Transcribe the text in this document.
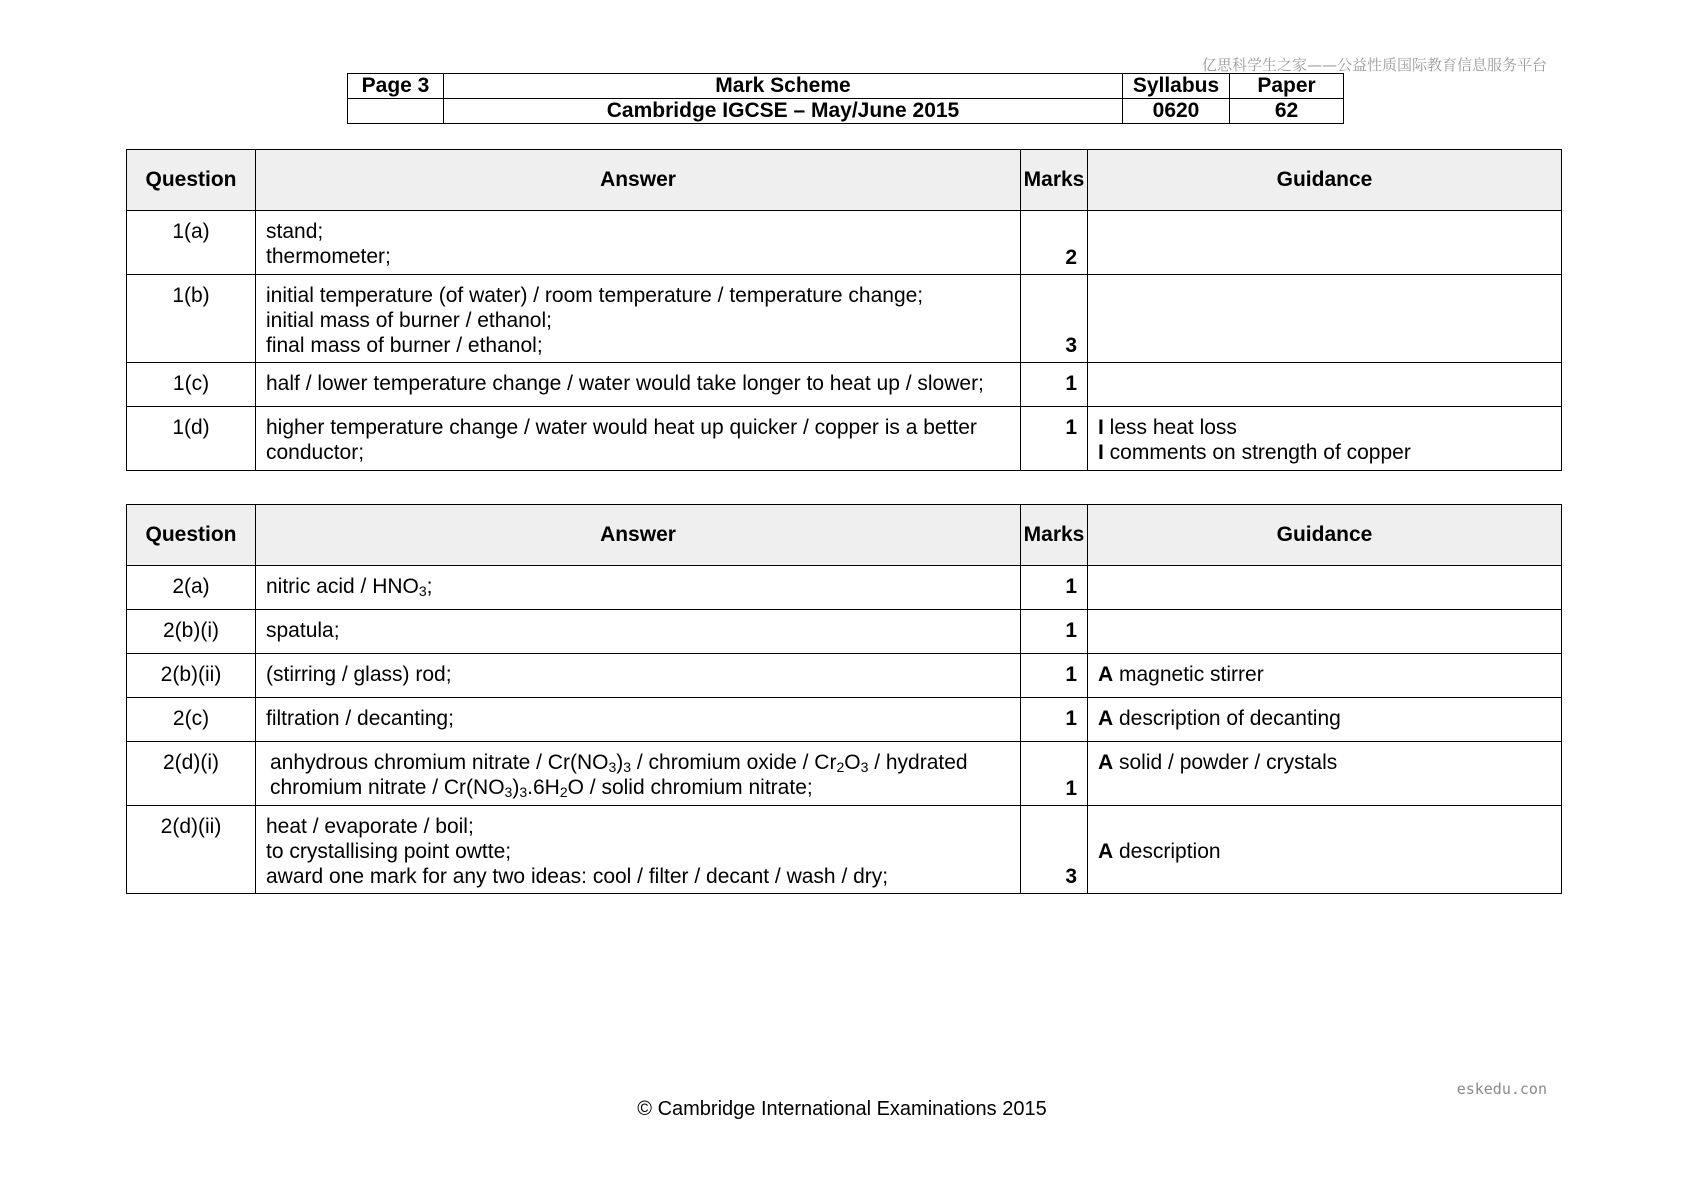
亿思科学生之家——公益性质国际教育信息服务平台
Page 3	Mark Scheme	Syllabus	Paper
	Cambridge IGCSE – May/June 2015	0620	62
Question	Answer	Marks	Guidance
1(a)	stand;
thermometer;	2	
1(b)	initial temperature (of water) / room temperature / temperature change;
initial mass of burner / ethanol;
final mass of burner / ethanol;	3	
1(c)	half / lower temperature change / water would take longer to heat up / slower;	1	
1(d)	higher temperature change / water would heat up quicker / copper is a better
conductor;	1	I less heat loss
I comments on strength of copper
Question	Answer	Marks	Guidance
2(a)	nitric acid / $HNO_3$;	1	
2(b)(i)	spatula;	1	
2(b)(ii)	(stirring / glass) rod;	1	A magnetic stirrer
2(c)	filtration / decanting;	1	A description of decanting
2(d)(i)	anhydrous chromium nitrate / $Cr(NO_3)_3$ / chromium oxide / $Cr_2O_3$ / hydrated
chromium nitrate / $Cr(NO_3)_3.6H_2O$ / solid chromium nitrate;	1	A solid / powder / crystals
2(d)(ii)	heat / evaporate / boil;
to crystallising point owtte;
award one mark for any two ideas: cool / filter / decant / wash / dry;	3	A description
eskedu.con
© Cambridge International Examinations 2015
